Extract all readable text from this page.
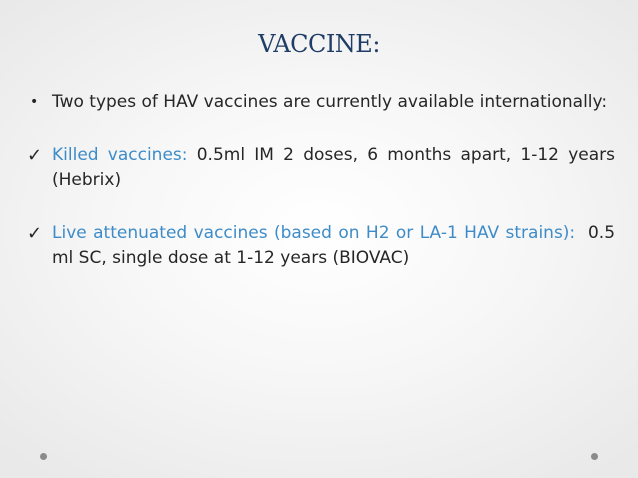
VACCINE:
• Two types of HAV vaccines are currently available internationally:
✓ Killed vaccines: 0.5ml IM 2 doses, 6 months apart, 1-12 years (Hebrix)
✓ Live attenuated vaccines (based on H2 or LA-1 HAV strains):  0.5 ml SC, single dose at 1-12 years (BIOVAC)
